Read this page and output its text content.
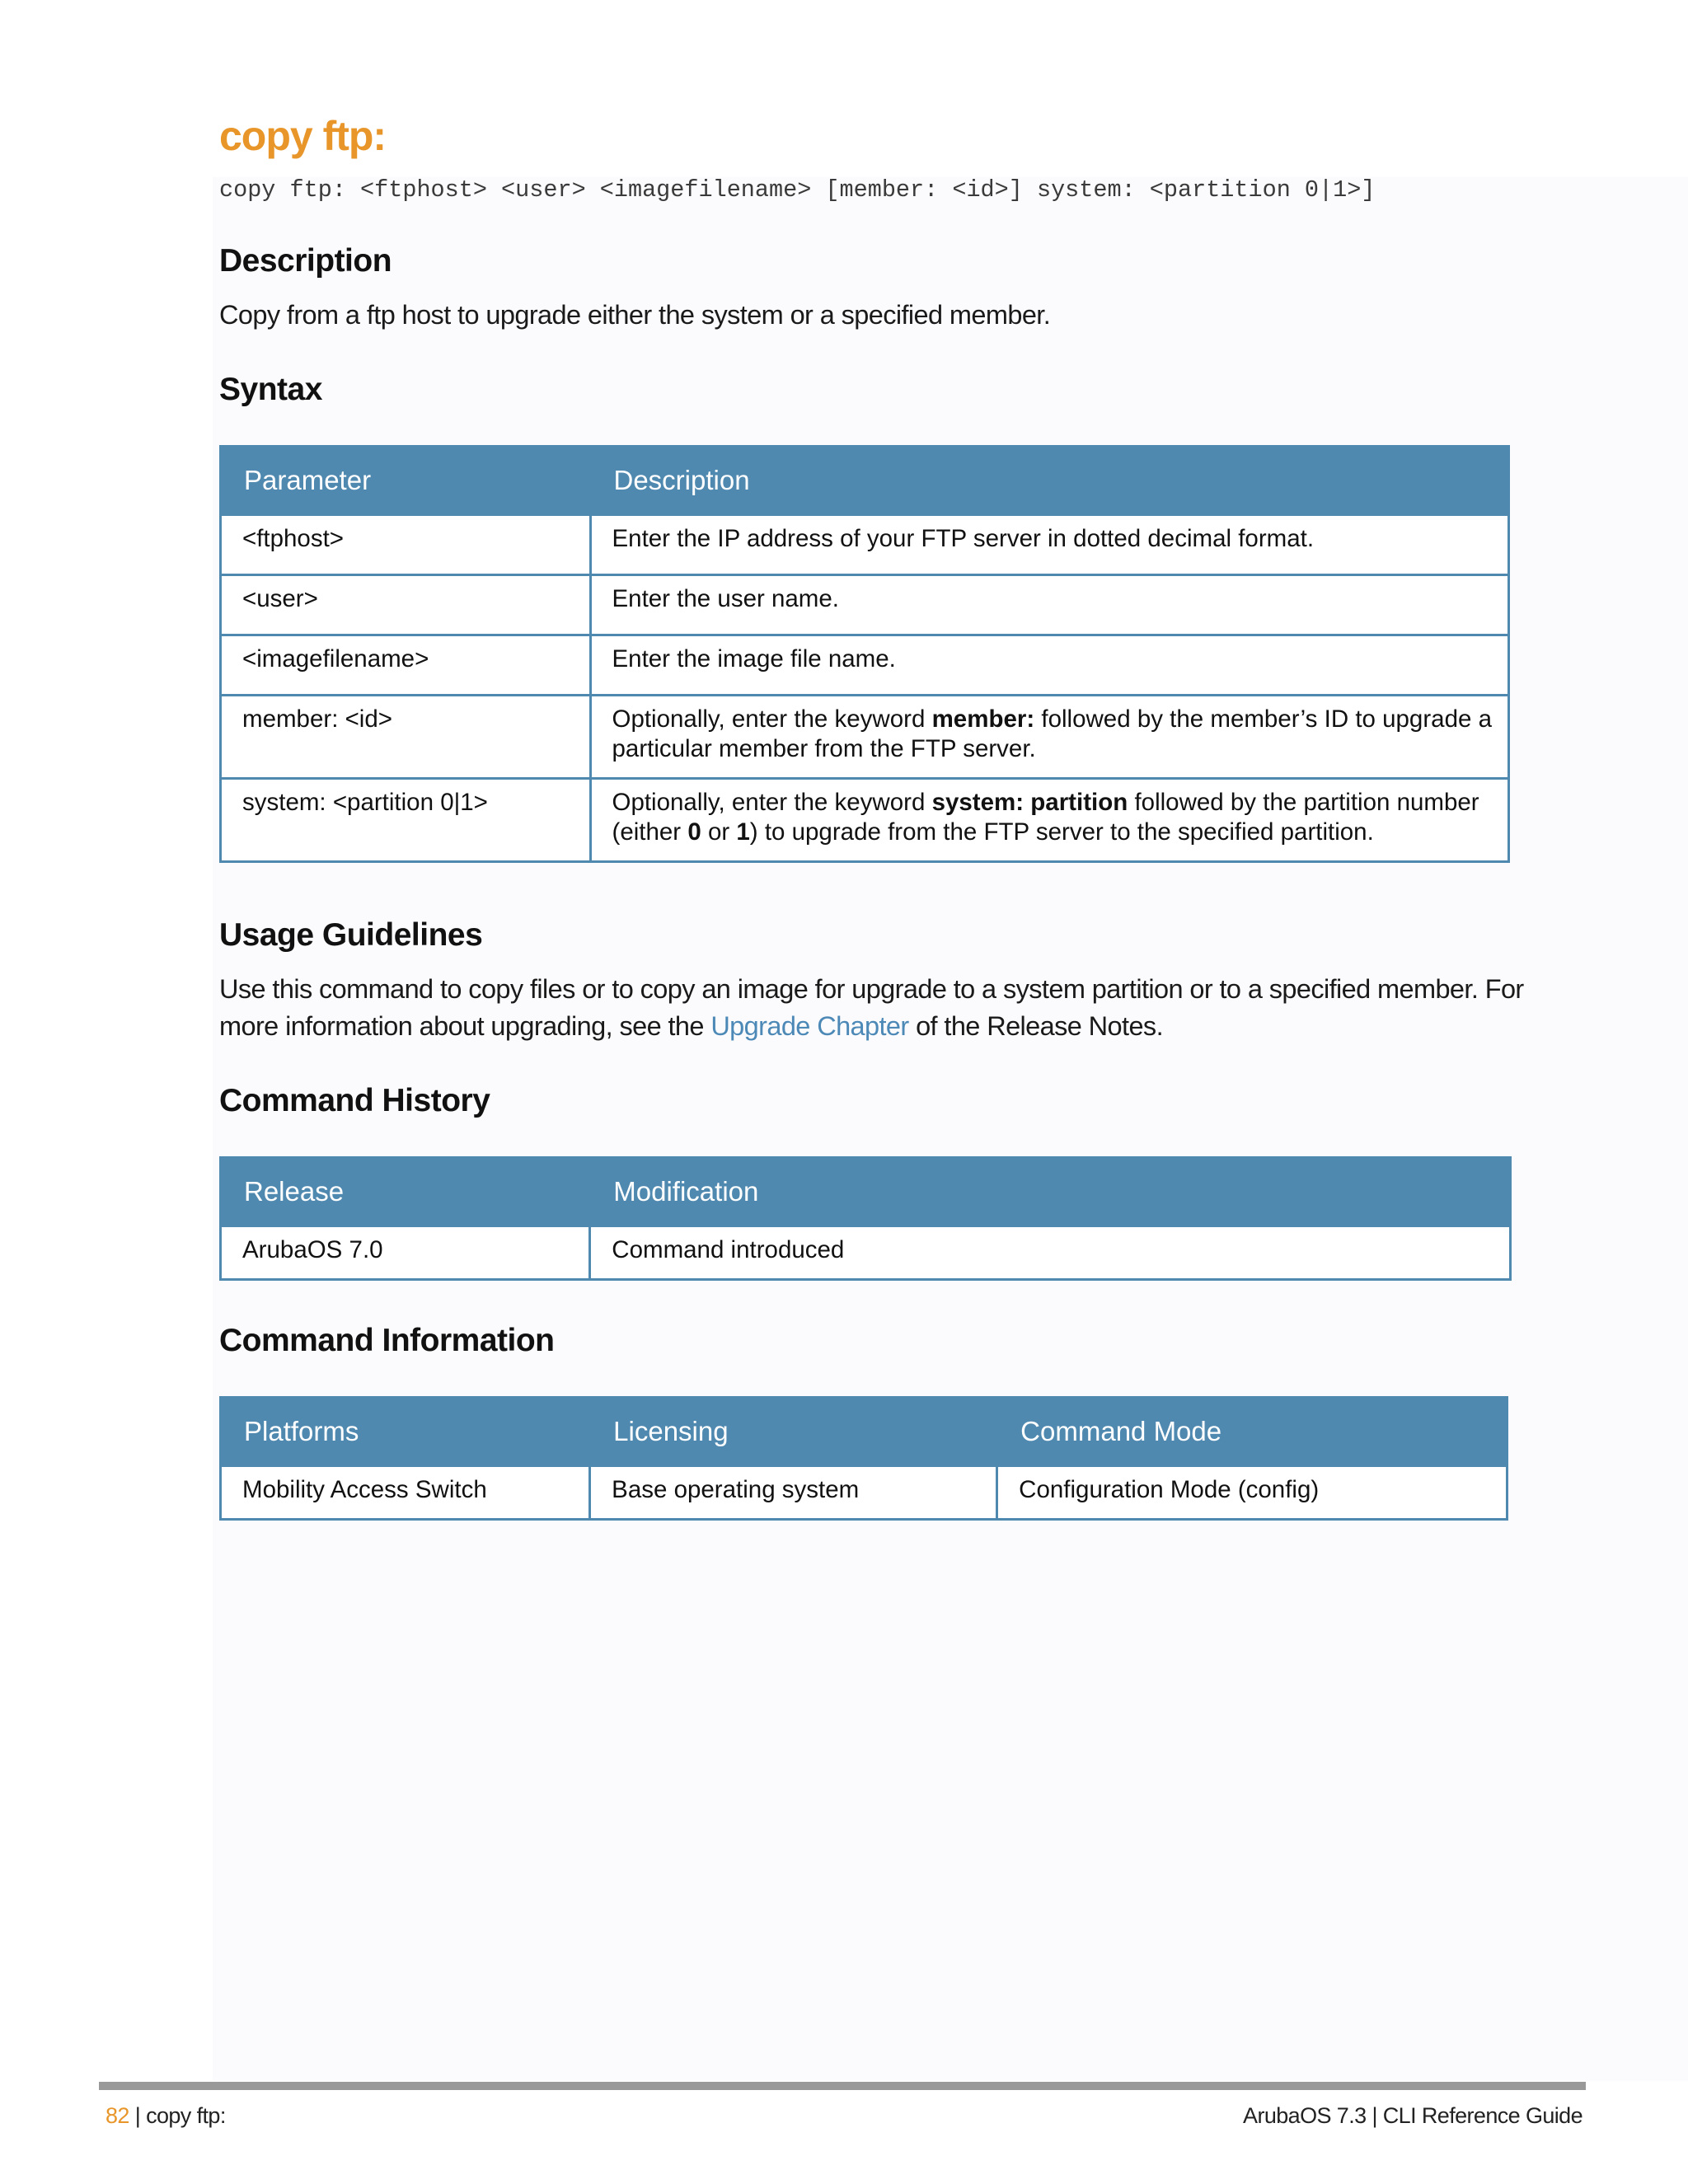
copy ftp:
copy ftp: <ftphost> <user> <imagefilename> [member: <id>] system: <partition 0|1>]
Description

Copy from a ftp host to upgrade either the system or a specified member.

Syntax
Parameter	Description
<ftphost>	Enter the IP address of your FTP server in dotted decimal format.
<user>	Enter the user name.
<imagefilename>	Enter the image file name.
member: <id>	Optionally, enter the keyword member: followed by the member’s ID to upgrade a particular member from the FTP server.
system: <partition 0|1>	Optionally, enter the keyword system: partition followed by the partition number (either 0 or 1) to upgrade from the FTP server to the specified partition.
Usage Guidelines

Use this command to copy files or to copy an image for upgrade to a system partition or to a specified member. For more information about upgrading, see the Upgrade Chapter of the Release Notes.

Command History
Release	Modification
ArubaOS 7.0	Command introduced
Command Information
Platforms	Licensing	Command Mode
Mobility Access Switch	Base operating system	Configuration Mode (config)
82 | copy ftp:	ArubaOS 7.3 | CLI Reference Guide
